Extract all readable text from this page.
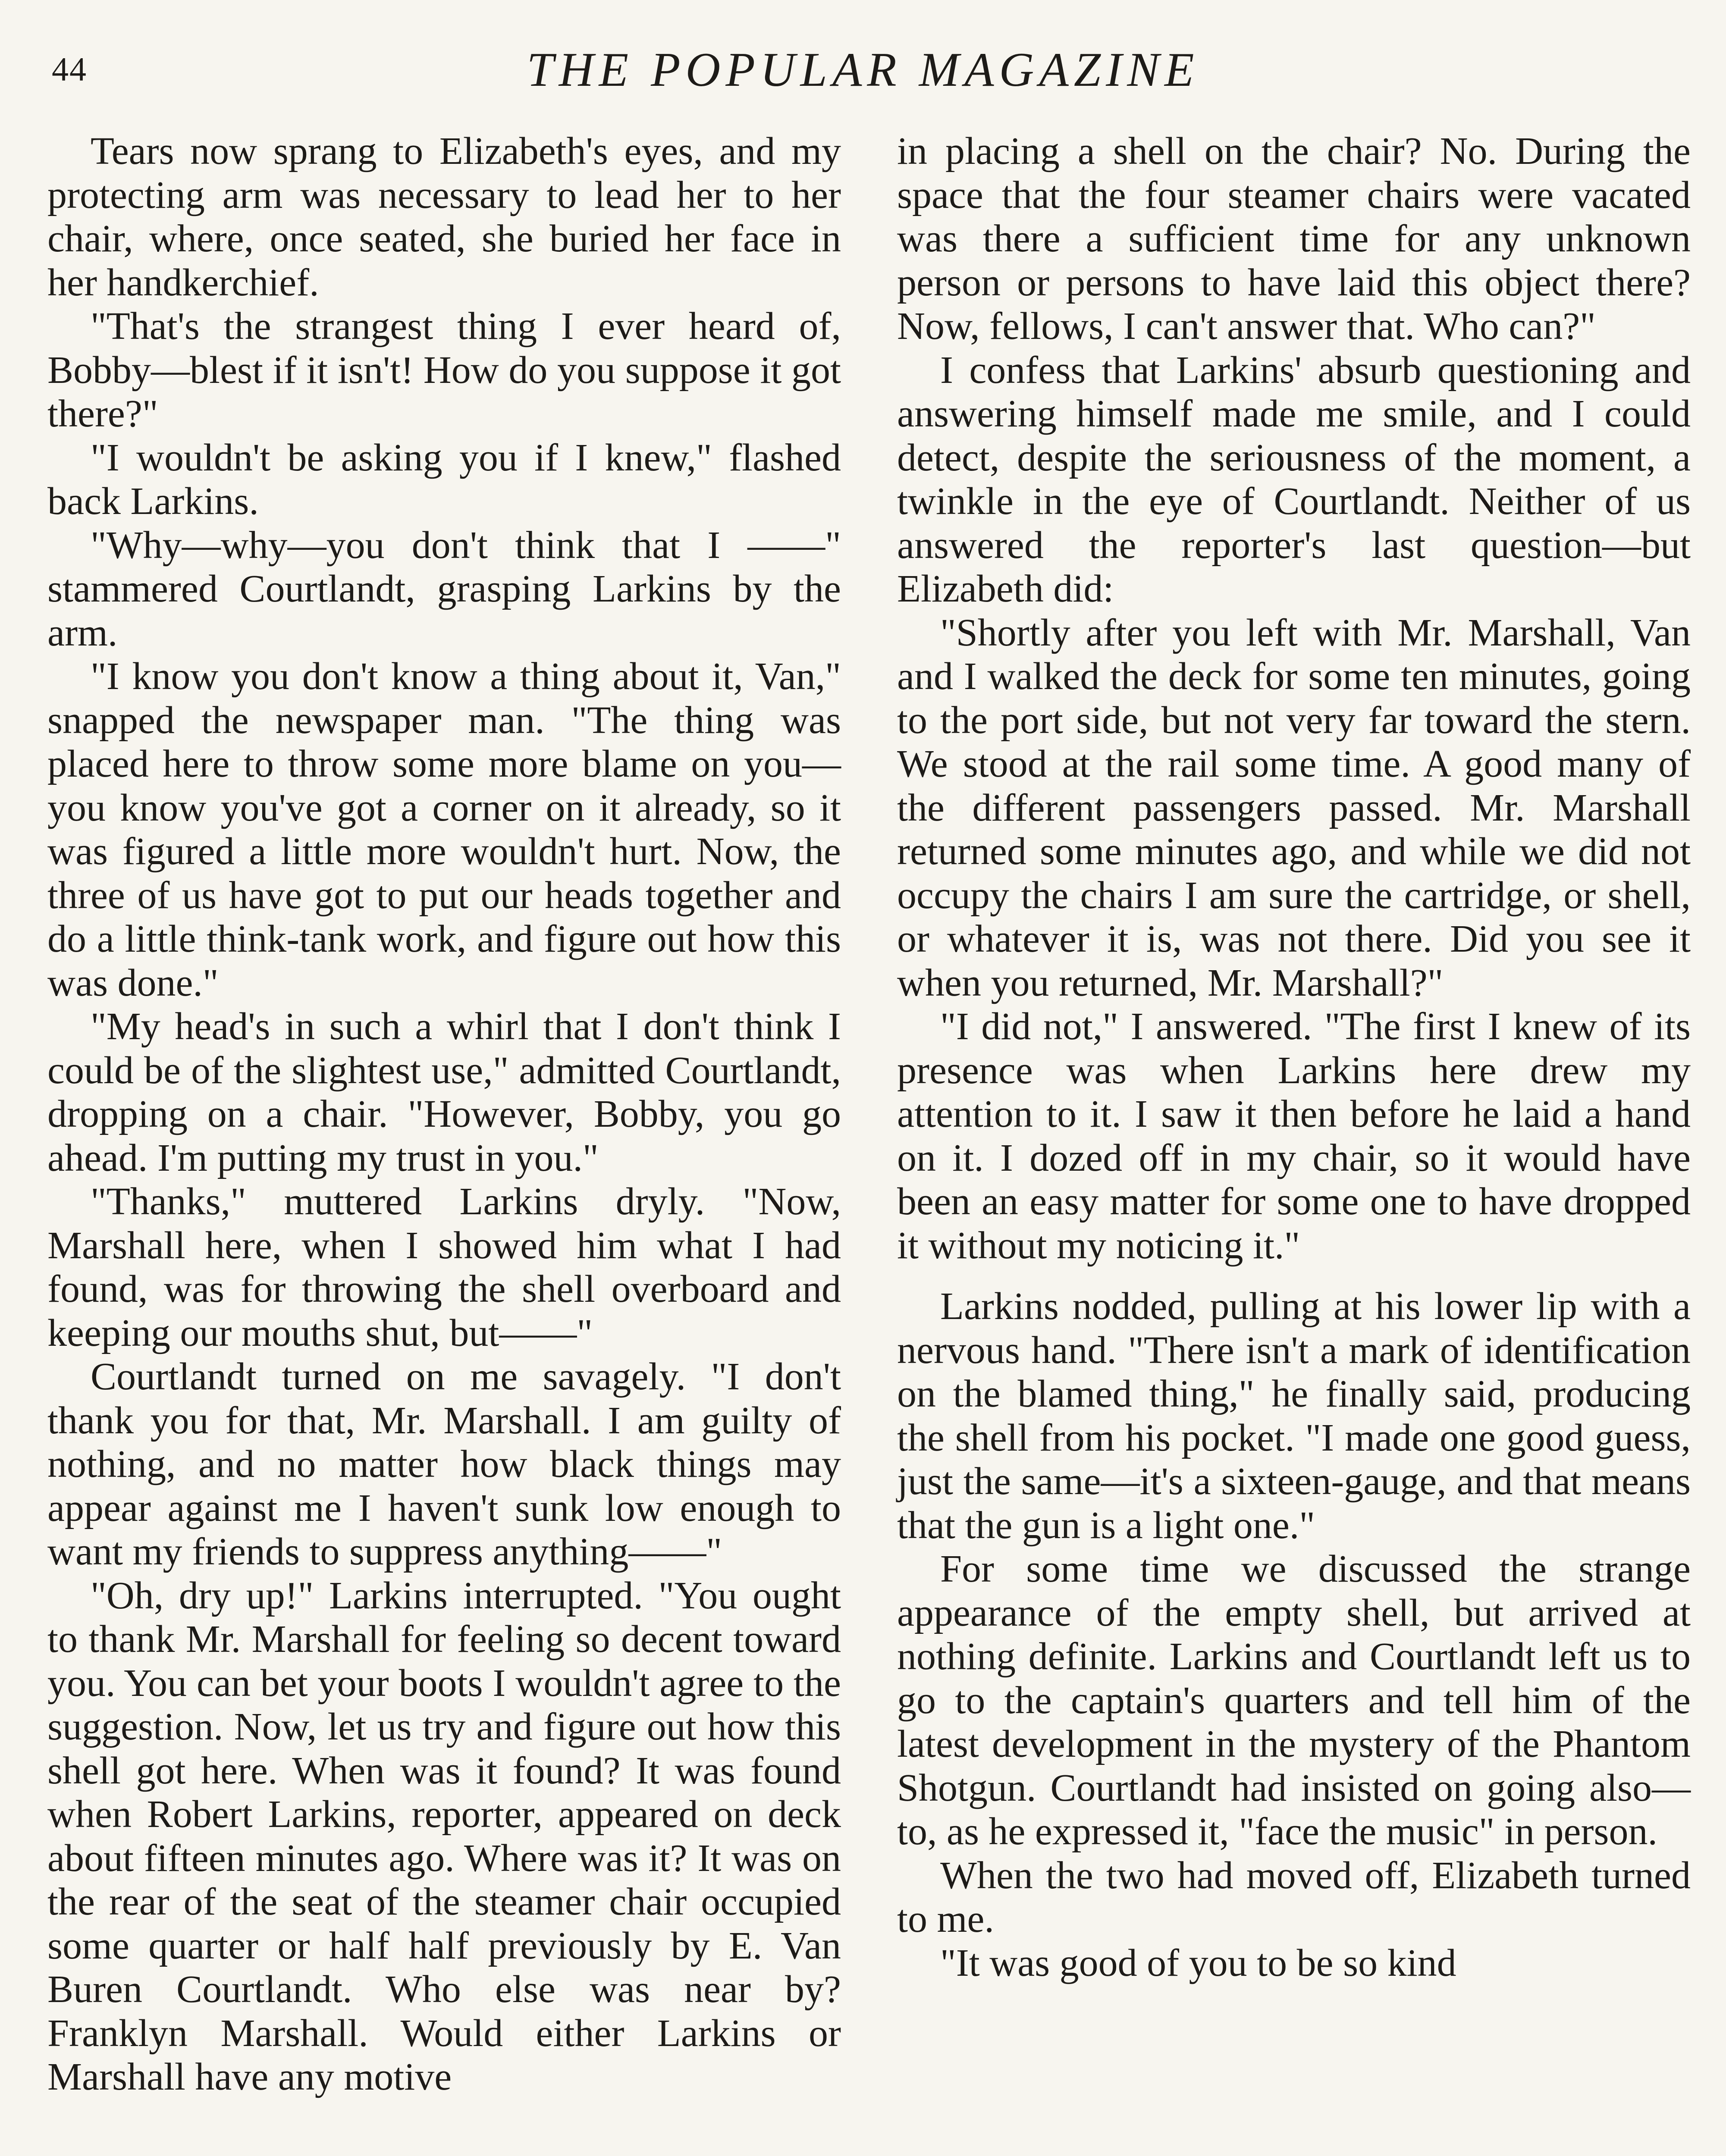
44	THE POPULAR MAGAZINE

Tears now sprang to Elizabeth's eyes, and my protecting arm was necessary to lead her to her chair, where, once seated, she buried her face in her handkerchief.

"That's the strangest thing I ever heard of, Bobby—blest if it isn't! How do you suppose it got there?"

"I wouldn't be asking you if I knew," flashed back Larkins.

"Why—why—you don't think that I ——" stammered Courtlandt, grasping Larkins by the arm.

"I know you don't know a thing about it, Van," snapped the newspaper man. "The thing was placed here to throw some more blame on you—you know you've got a corner on it already, so it was figured a little more wouldn't hurt. Now, the three of us have got to put our heads together and do a little think-tank work, and figure out how this was done."

"My head's in such a whirl that I don't think I could be of the slightest use," admitted Courtlandt, dropping on a chair. "However, Bobby, you go ahead. I'm putting my trust in you."

"Thanks," muttered Larkins dryly. "Now, Marshall here, when I showed him what I had found, was for throwing the shell overboard and keeping our mouths shut, but——"

Courtlandt turned on me savagely. "I don't thank you for that, Mr. Marshall. I am guilty of nothing, and no matter how black things may appear against me I haven't sunk low enough to want my friends to suppress anything——"

"Oh, dry up!" Larkins interrupted. "You ought to thank Mr. Marshall for feeling so decent toward you. You can bet your boots I wouldn't agree to the suggestion. Now, let us try and figure out how this shell got here. When was it found? It was found when Robert Larkins, reporter, appeared on deck about fifteen minutes ago. Where was it? It was on the rear of the seat of the steamer chair occupied some quarter or half half previously by E. Van Buren Courtlandt. Who else was near by? Franklyn Marshall. Would either Larkins or Marshall have any motive

in placing a shell on the chair? No. During the space that the four steamer chairs were vacated was there a sufficient time for any unknown person or persons to have laid this object there? Now, fellows, I can't answer that. Who can?"

I confess that Larkins' absurb questioning and answering himself made me smile, and I could detect, despite the seriousness of the moment, a twinkle in the eye of Courtlandt. Neither of us answered the reporter's last question—but Elizabeth did:

"Shortly after you left with Mr. Marshall, Van and I walked the deck for some ten minutes, going to the port side, but not very far toward the stern. We stood at the rail some time. A good many of the different passengers passed. Mr. Marshall returned some minutes ago, and while we did not occupy the chairs I am sure the cartridge, or shell, or whatever it is, was not there. Did you see it when you returned, Mr. Marshall?"

"I did not," I answered. "The first I knew of its presence was when Larkins here drew my attention to it. I saw it then before he laid a hand on it. I dozed off in my chair, so it would have been an easy matter for some one to have dropped it without my noticing it."

Larkins nodded, pulling at his lower lip with a nervous hand. "There isn't a mark of identification on the blamed thing," he finally said, producing the shell from his pocket. "I made one good guess, just the same—it's a sixteen-gauge, and that means that the gun is a light one."

For some time we discussed the strange appearance of the empty shell, but arrived at nothing definite. Larkins and Courtlandt left us to go to the captain's quarters and tell him of the latest development in the mystery of the Phantom Shotgun. Courtlandt had insisted on going also—to, as he expressed it, "face the music" in person.

When the two had moved off, Elizabeth turned to me.

"It was good of you to be so kind
